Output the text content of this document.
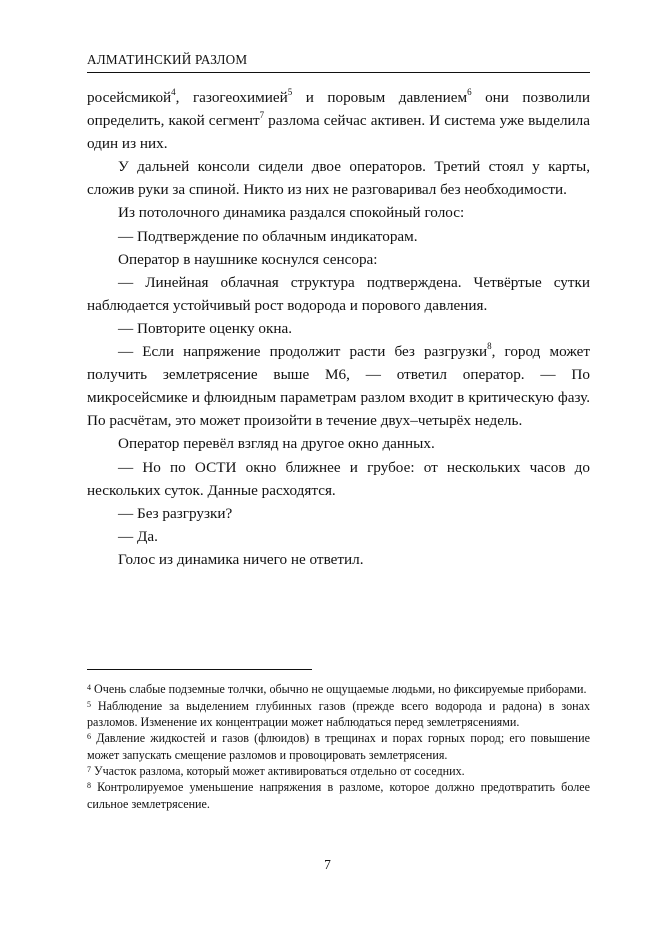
АЛМАТИНСКИЙ РАЗЛОМ

росейсмикой$^4$, газогеохимией$^5$ и поровым давлением$^6$ они позволили определить, какой сегмент$^7$ разлома сейчас активен. И система уже выделила один из них.

У дальней консоли сидели двое операторов. Третий стоял у карты, сложив руки за спиной. Никто из них не разговаривал без необходимости.

Из потолочного динамика раздался спокойный голос:

— Подтверждение по облачным индикаторам.

Оператор в наушнике коснулся сенсора:

— Линейная облачная структура подтверждена. Четвёртые сутки наблюдается устойчивый рост водорода и порового давления.

— Повторите оценку окна.

— Если напряжение продолжит расти без разгрузки$^8$, город может получить землетрясение выше М6, — ответил оператор. — По микросейсмике и флюидным параметрам разлом входит в критическую фазу. По расчётам, это может произойти в течение двух–четырёх недель.

Оператор перевёл взгляд на другое окно данных.

— Но по ОСТИ окно ближнее и грубое: от нескольких часов до нескольких суток. Данные расходятся.

— Без разгрузки?

— Да.

Голос из динамика ничего не ответил.

$^4$ Очень слабые подземные толчки, обычно не ощущаемые людьми, но фиксируемые приборами.

$^5$ Наблюдение за выделением глубинных газов (прежде всего водорода и радона) в зонах разломов. Изменение их концентрации может наблюдаться перед землетрясениями.

$^6$ Давление жидкостей и газов (флюидов) в трещинах и порах горных пород; его повышение может запускать смещение разломов и провоцировать землетрясения.

$^7$ Участок разлома, который может активироваться отдельно от соседних.

$^8$ Контролируемое уменьшение напряжения в разломе, которое должно предотвратить более сильное землетрясение.

7
